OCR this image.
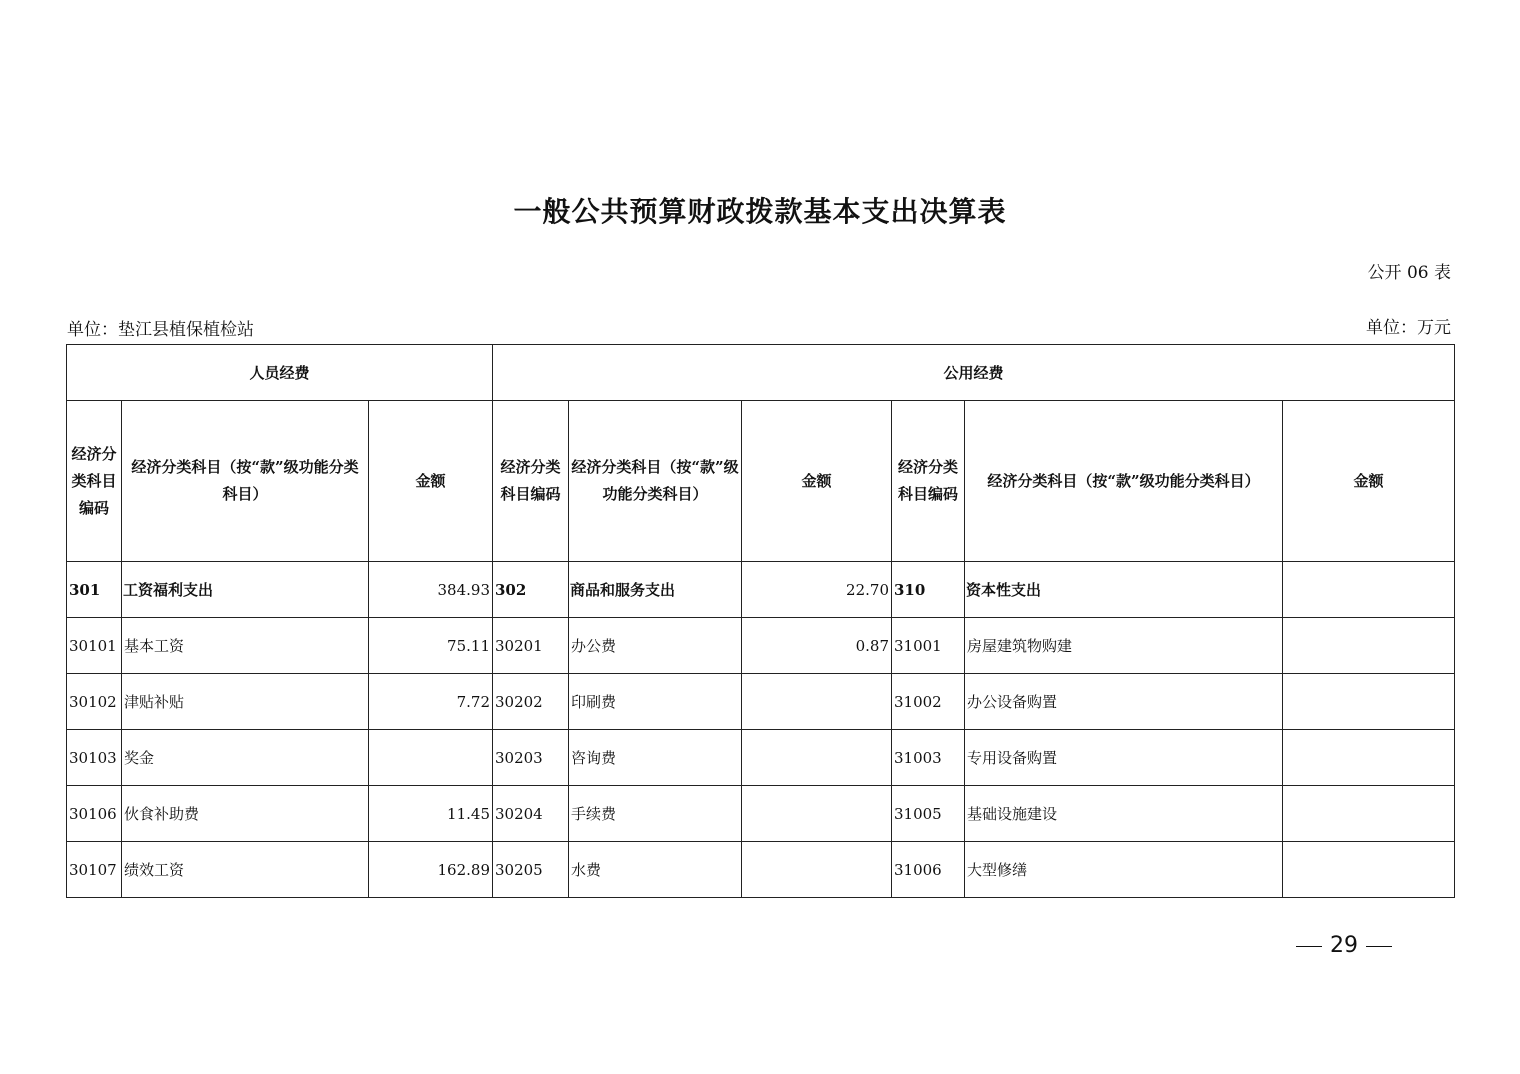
一般公共预算财政拨款基本支出决算表
公开 06 表
单位：垫江县植保植检站	单位：万元
人员经费			公用经费					
经济分类科目编码	经济分类科目（按“款”级功能分类科目）	金额	经济分类科目编码	经济分类科目（按“款”级功能分类科目）	金额	经济分类科目编码	经济分类科目（按“款”级功能分类科目）	金额
301	工资福利支出	384.93	302	商品和服务支出	22.70	310	资本性支出	
30101	基本工资	75.11	30201	办公费	0.87	31001	房屋建筑物购建	
30102	津贴补贴	7.72	30202	印刷费		31002	办公设备购置	
30103	奖金		30203	咨询费		31003	专用设备购置	
30106	伙食补助费	11.45	30204	手续费		31005	基础设施建设	
30107	绩效工资	162.89	30205	水费		31006	大型修缮	
29
